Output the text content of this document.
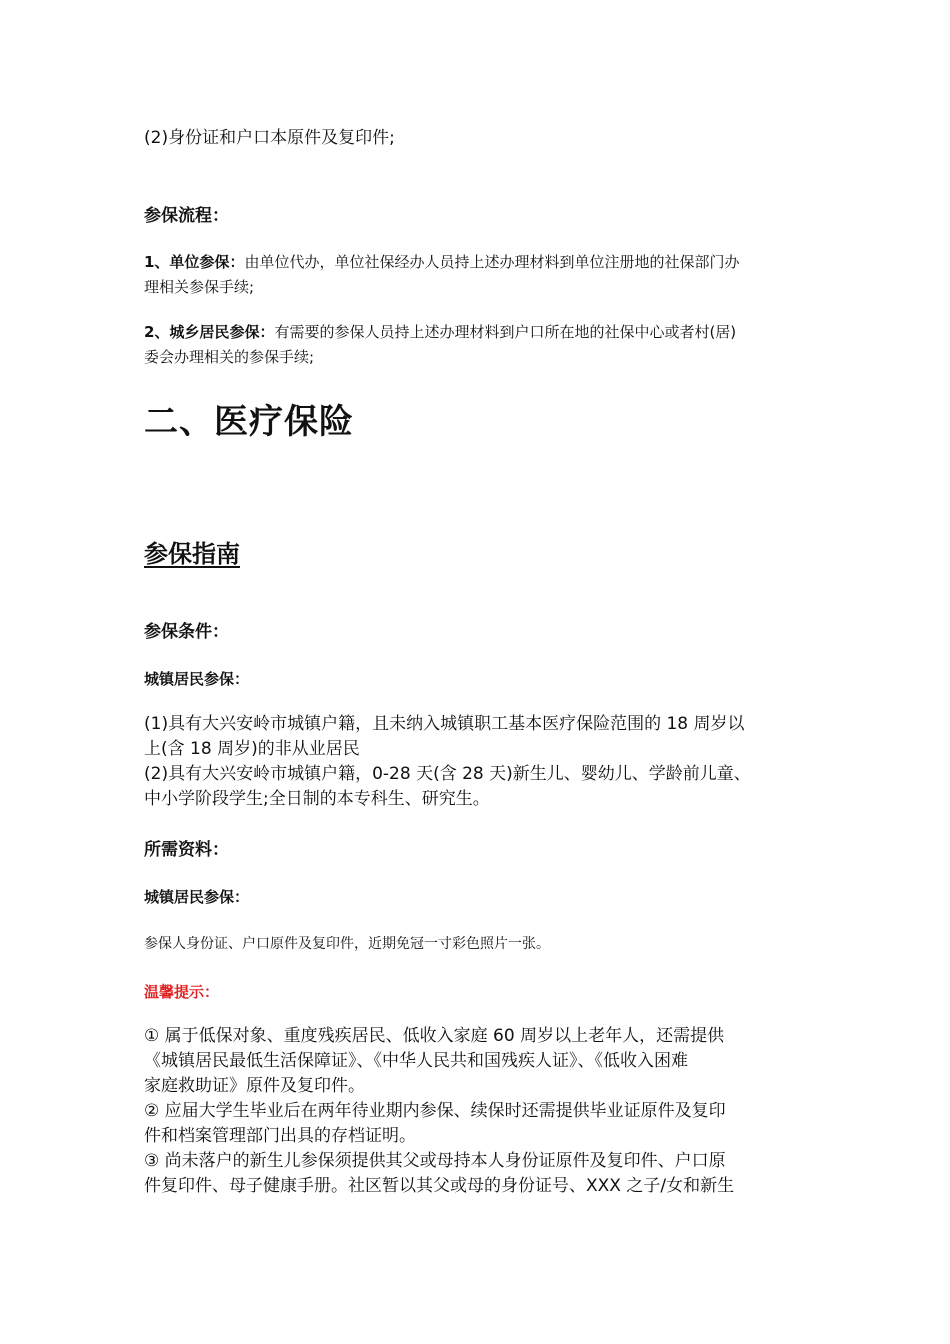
(2)身份证和户口本原件及复印件;

参保流程：

1、单位参保：由单位代办，单位社保经办人员持上述办理材料到单位注册地的社保部门办
理相关参保手续;
2、城乡居民参保：有需要的参保人员持上述办理材料到户口所在地的社保中心或者村(居)
委会办理相关的参保手续;
二、医疗保险
参保指南

参保条件：

城镇居民参保：

(1)具有大兴安岭市城镇户籍，且未纳入城镇职工基本医疗保险范围的 18 周岁以
上(含 18 周岁)的非从业居民
(2)具有大兴安岭市城镇户籍，0-28 天(含 28 天)新生儿、婴幼儿、学龄前儿童、
中小学阶段学生;全日制的本专科生、研究生。

所需资料：

城镇居民参保：

参保人身份证、户口原件及复印件，近期免冠一寸彩色照片一张。

温馨提示：

① 属于低保对象、重度残疾居民、低收入家庭 60 周岁以上老年人，还需提供
《城镇居民最低生活保障证》、《中华人民共和国残疾人证》、《低收入困难
家庭救助证》原件及复印件。
② 应届大学生毕业后在两年待业期内参保、续保时还需提供毕业证原件及复印
件和档案管理部门出具的存档证明。
③ 尚未落户的新生儿参保须提供其父或母持本人身份证原件及复印件、户口原
件复印件、母子健康手册。社区暂以其父或母的身份证号、XXX 之子/女和新生
